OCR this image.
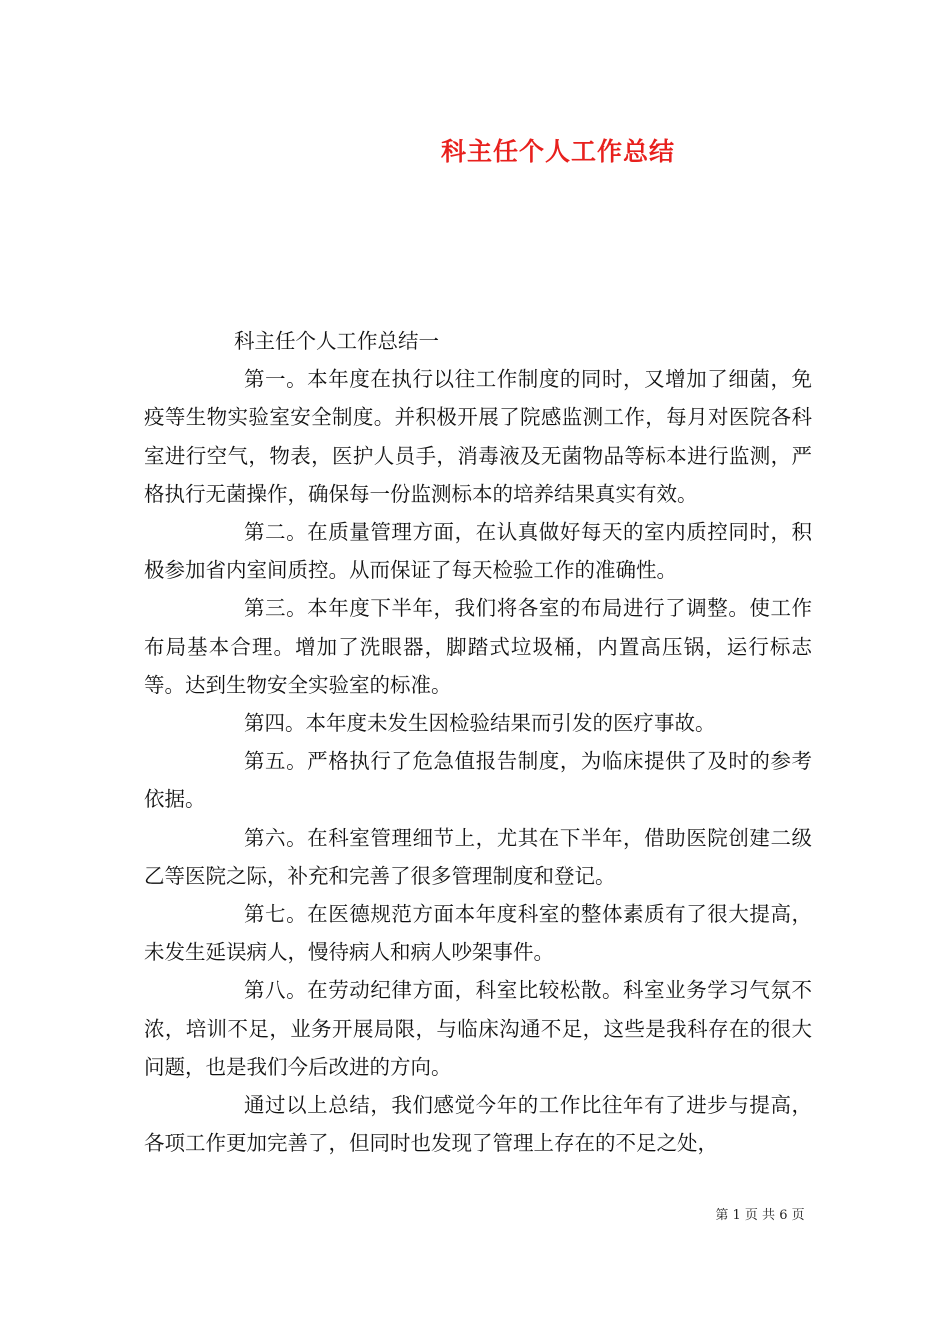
科主任个人工作总结

科主任个人工作总结一

第一。本年度在执行以往工作制度的同时，又增加了细菌，免疫等生物实验室安全制度。并积极开展了院感监测工作，每月对医院各科室进行空气，物表，医护人员手，消毒液及无菌物品等标本进行监测，严格执行无菌操作，确保每一份监测标本的培养结果真实有效。

第二。在质量管理方面，在认真做好每天的室内质控同时，积极参加省内室间质控。从而保证了每天检验工作的准确性。

第三。本年度下半年，我们将各室的布局进行了调整。使工作布局基本合理。增加了洗眼器，脚踏式垃圾桶，内置高压锅，运行标志等。达到生物安全实验室的标准。

第四。本年度未发生因检验结果而引发的医疗事故。

第五。严格执行了危急值报告制度，为临床提供了及时的参考依据。

第六。在科室管理细节上，尤其在下半年，借助医院创建二级乙等医院之际，补充和完善了很多管理制度和登记。

第七。在医德规范方面本年度科室的整体素质有了很大提高，未发生延误病人，慢待病人和病人吵架事件。

第八。在劳动纪律方面，科室比较松散。科室业务学习气氛不浓，培训不足，业务开展局限，与临床沟通不足，这些是我科存在的很大问题，也是我们今后改进的方向。

通过以上总结，我们感觉今年的工作比往年有了进步与提高，各项工作更加完善了，但同时也发现了管理上存在的不足之处，

第 1 页 共 6 页
